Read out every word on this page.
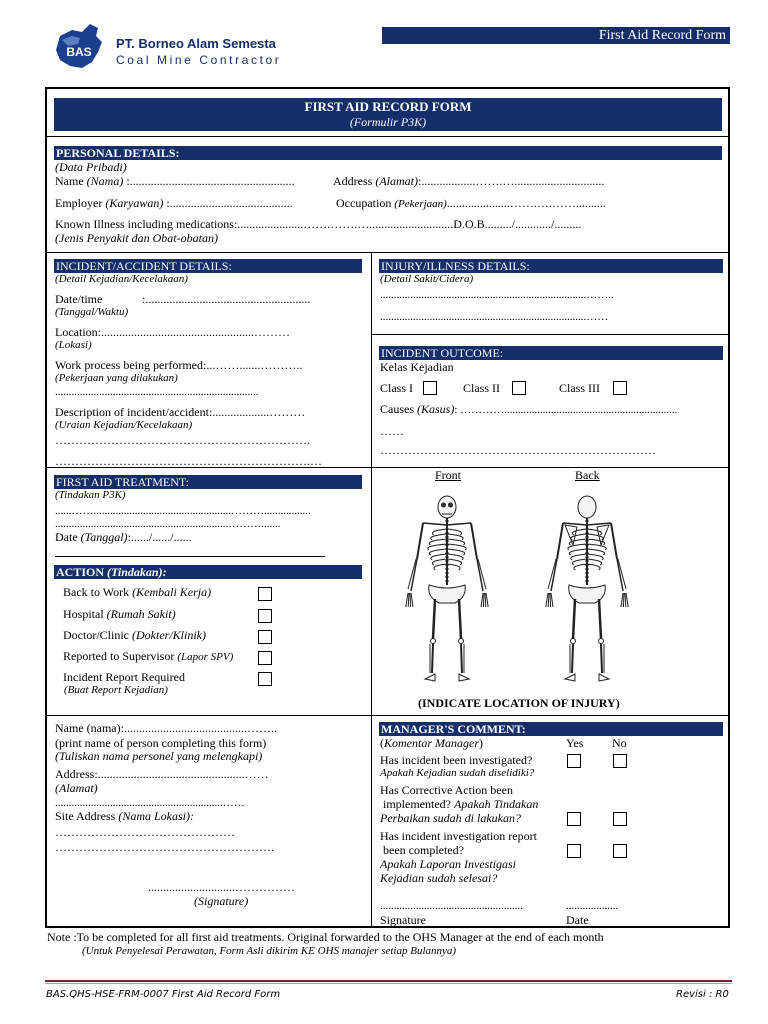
BAS
PT. Borneo Alam Semesta
Coal Mine Contractor
First Aid Record Form
FIRST AID RECORD FORM
(Formulir P3K)
PERSONAL DETAILS:
(Data Pribadi)
Name (Nama) :.......................................................	Address (Alamat):..................…….…..............................
Employer (Karyawan) :.........................................	Occupation (Pekerjaan).....................…….….……..........
Known Illness including medications:......................…….…….…............................D.O.B........./............/.........
(Jenis Penyakit dan Obat-obatan)
INCIDENT/ACCIDENT DETAILS:
(Detail Kejadian/Kecelakaan)
Date/time	:.......................................................
(Tanggal/Waktu)
Location:...................................................………
(Lokasi)
Work process being performed:...…….......………..
(Pekerjaan yang dilakukan)
..........................................................................
Description of incident/accident:...................………
(Uraian Kejadian/Kecelakaan)
……………………………………………………….
……………………………………………………….…
INJURY/ILLNESS DETAILS:
(Detail Sakit/Cidera)
...........................................................................……..
...........................................................................……
INCIDENT OUTCOME:
Kelas Kejadian
Class I	Class II	Class III
Causes (Kasus): …………...............................................................
……
……………………………………………………………
FIRST AID TREATMENT:
(Tindakan P3K)
......……..................................................……….................
...............................................................……….......
Date (Tanggal):....../....../......
ACTION (Tindakan):
Back to Work (Kembali Kerja)
Hospital (Rumah Sakit)
Doctor/Clinic (Dokter/Klinik)
Reported to Supervisor (Lapor SPV)
Incident Report Required
(Buat Report Kejadian)
Front	Back
(INDICATE LOCATION OF INJURY)
Name (nama):.........................................……..
(print name of person completing this form)
(Tuliskan nama personel yang melengkapi)
Address:.................................................……
(Alamat)
.............................................................……
Site Address (Nama Lokasi):
………………………………………
……………………………………………….
.............................……………
(Signature)
MANAGER'S COMMENT:
(Komentar Manager)	Yes No
Has incident been investigated?
Apakah Kejadian sudah diselidiki?
Has Corrective Action been
implemented? Apakah Tindakan
Perbaikan sudah di lakukan?
Has incident investigation report
been completed?
Apakah Laporan Investigasi
Kejadian sudah selesai?
....................................................	...................
Signature	Date
Note :To be completed for all first aid treatments. Original forwarded to the OHS Manager at the end of each month
(Untuk Penyelesai Perawatan, Form Asli dikirim KE OHS manajer setiap Bulannya)
BAS.QHS-HSE-FRM-0007 First Aid Record Form	Revisi : R0
